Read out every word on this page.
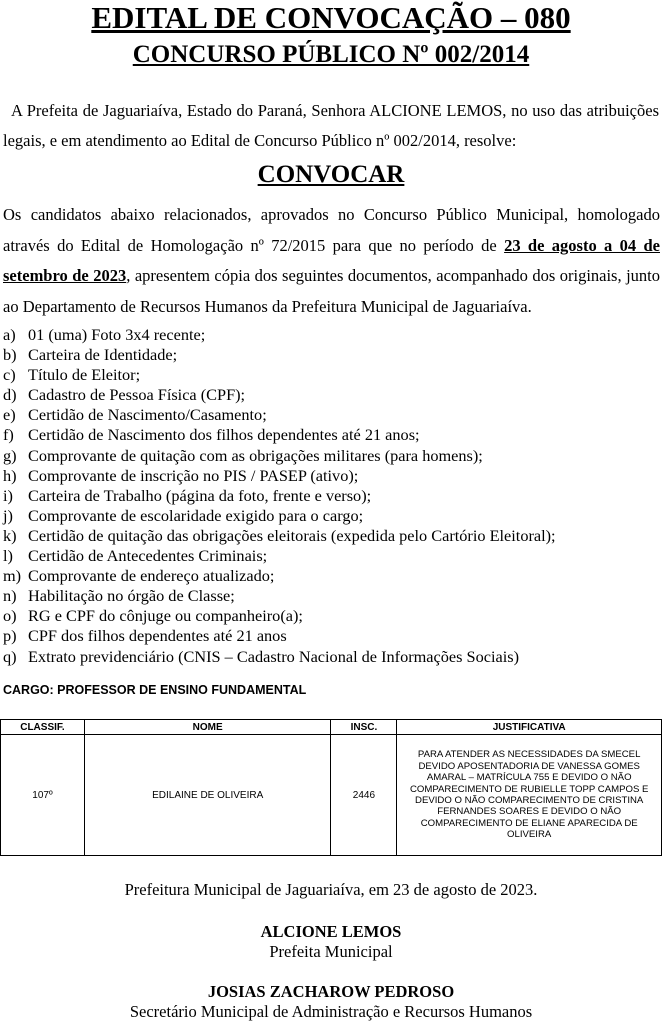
EDITAL DE CONVOCAÇÃO – 080
CONCURSO PÚBLICO Nº 002/2014
A Prefeita de Jaguariaíva, Estado do Paraná, Senhora ALCIONE LEMOS, no uso das atribuições legais, e em atendimento ao Edital de Concurso Público nº 002/2014, resolve:
CONVOCAR
Os candidatos abaixo relacionados, aprovados no Concurso Público Municipal, homologado através do Edital de Homologação nº 72/2015 para que no período de 23 de agosto a 04 de setembro de 2023, apresentem cópia dos seguintes documentos, acompanhado dos originais, junto ao Departamento de Recursos Humanos da Prefeitura Municipal de Jaguariaíva.
a) 01 (uma) Foto 3x4 recente;
b) Carteira de Identidade;
c) Título de Eleitor;
d) Cadastro de Pessoa Física (CPF);
e) Certidão de Nascimento/Casamento;
f) Certidão de Nascimento dos filhos dependentes até 21 anos;
g) Comprovante de quitação com as obrigações militares (para homens);
h) Comprovante de inscrição no PIS / PASEP (ativo);
i) Carteira de Trabalho (página da foto, frente e verso);
j) Comprovante de escolaridade exigido para o cargo;
k) Certidão de quitação das obrigações eleitorais (expedida pelo Cartório Eleitoral);
l) Certidão de Antecedentes Criminais;
m) Comprovante de endereço atualizado;
n) Habilitação no órgão de Classe;
o) RG e CPF do cônjuge ou companheiro(a);
p) CPF dos filhos dependentes até 21 anos
q) Extrato previdenciário (CNIS – Cadastro Nacional de Informações Sociais)
CARGO: PROFESSOR DE ENSINO FUNDAMENTAL
CLASSIF.	NOME	INSC.	JUSTIFICATIVA
107º	EDILAINE DE OLIVEIRA	2446	PARA ATENDER AS NECESSIDADES DA SMECEL DEVIDO APOSENTADORIA DE VANESSA GOMES AMARAL – MATRÍCULA 755 E DEVIDO O NÃO COMPARECIMENTO DE RUBIELLE TOPP CAMPOS E DEVIDO O NÃO COMPARECIMENTO DE CRISTINA FERNANDES SOARES E DEVIDO O NÃO COMPARECIMENTO DE ELIANE APARECIDA DE OLIVEIRA
Prefeitura Municipal de Jaguariaíva, em 23 de agosto de 2023.
ALCIONE LEMOS
Prefeita Municipal
JOSIAS ZACHAROW PEDROSO
Secretário Municipal de Administração e Recursos Humanos
